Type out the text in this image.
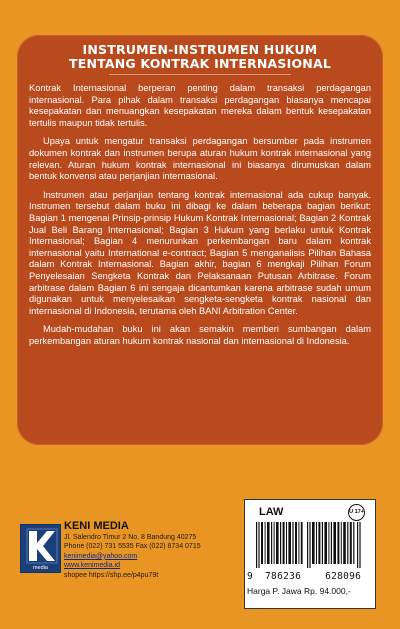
INSTRUMEN-INSTRUMEN HUKUM
TENTANG KONTRAK INTERNASIONAL

Kontrak Internasional berperan penting dalam transaksi perdagangan internasional. Para pihak dalam transaksi perdagangan biasanya mencapai kesepakatan dan menuangkan kesepakatan mereka dalam bentuk kesepakatan tertulis maupun tidak tertulis.

Upaya untuk mengatur transaksi perdagangan bersumber pada instrumen dokumen kontrak dan instrumen berupa aturan hukum kontrak internasional yang relevan. Aturan hukum kontrak internasional ini biasanya dirumuskan dalam bentuk konvensi atau perjanjian internasional.

Instrumen atau perjanjian tentang kontrak internasional ada cukup banyak. Instrumen tersebut dalam buku ini dibagi ke dalam beberapa bagian berikut: Bagian 1 mengenai Prinsip-prinsip Hukum Kontrak Internasional; Bagian 2 Kontrak Jual Beli Barang Internasional; Bagian 3 Hukum yang berlaku untuk Kontrak Internasional; Bagian 4 menurunkan perkembangan baru dalam kontrak internasional yaitu International e-contract; Bagian 5 menganalisis Pilihan Bahasa dalam Kontrak Internasional. Bagian akhir, bagian 6 mengkaji Pilihan Forum Penyelesaian Sengketa Kontrak dan Pelaksanaan Putusan Arbitrase. Forum arbitrase dalam Bagian 6 ini sengaja dicantumkan karena arbitrase sudah umum digunakan untuk menyelesaikan sengketa-sengketa kontrak nasional dan internasional di Indonesia, terutama oleh BANI Arbitration Center.

Mudah-mudahan buku ini akan semakin memberi sumbangan dalam perkembangan aturan hukum kontrak nasional dan internasional di Indonesia.

media
KENI MEDIA
Jl. Salendro Timur 2 No. 8 Bandung 40275
Phone (022) 731 5535 Fax (022) 8734 0715
kenimedia@yahoo.com
www.kenimedia.id
shopee https://shp.ee/p4pu79t
LAW	U 17+
9 786236	628096
Harga P. Jawa Rp. 94.000,-
